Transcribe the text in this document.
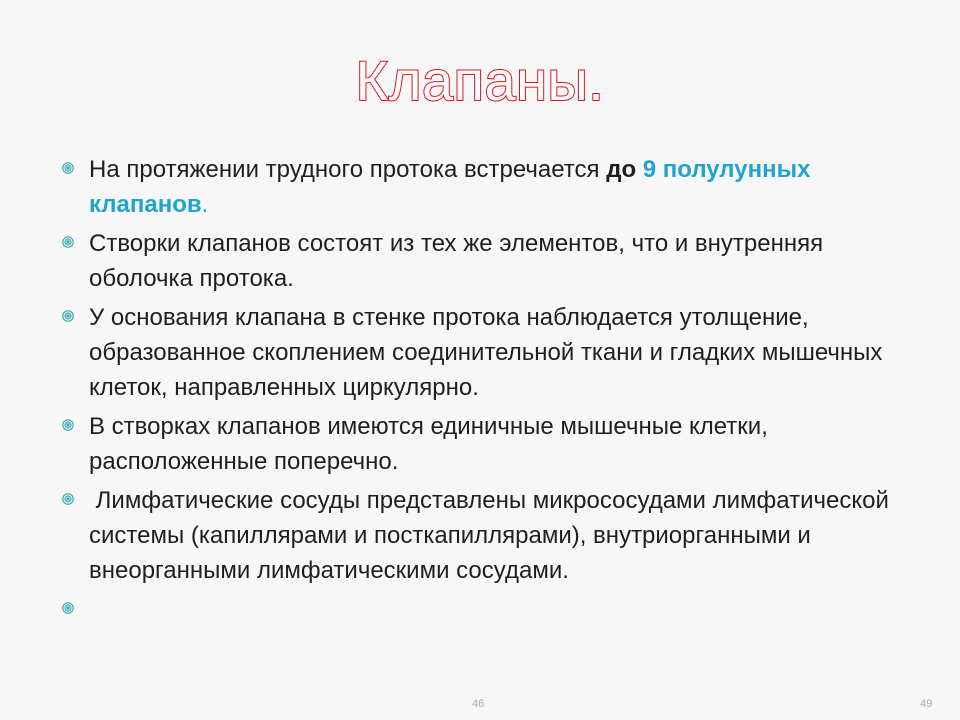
Клапаны.
На протяжении трудного протока встречается до 9 полулунных клапанов.
Створки клапанов состоят из тех же элементов, что и внутренняя оболочка протока.
У основания клапана в стенке протока наблюдается утолщение, образованное скоплением соединительной ткани и гладких мышечных клеток, направленных циркулярно.
В створках клапанов имеются единичные мышечные клетки, расположенные поперечно.
Лимфатические сосуды представлены микрососудами лимфатической системы (капиллярами и посткапиллярами), внутриорганными и внеорганными лимфатическими сосудами.
46	49
